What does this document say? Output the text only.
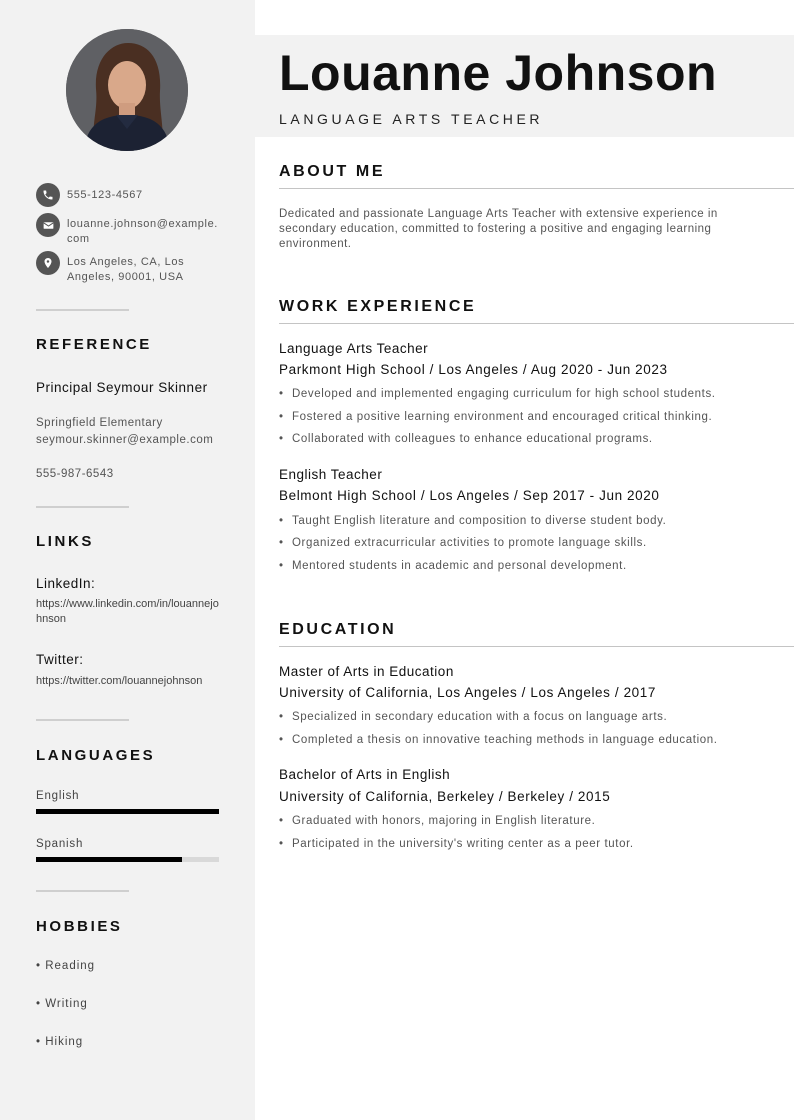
555-123-4567
louanne.johnson@example.com
Los Angeles, CA, Los Angeles, 90001, USA
REFERENCE
Principal Seymour Skinner
Springfield Elementary
seymour.skinner@example.com
555-987-6543
LINKS
LinkedIn:
https://www.linkedin.com/in/louannejohnson
Twitter:
https://twitter.com/louannejohnson
LANGUAGES
English
Spanish
HOBBIES
• Reading
• Writing
• Hiking
Louanne Johnson
LANGUAGE ARTS TEACHER
ABOUT ME
Dedicated and passionate Language Arts Teacher with extensive experience in secondary education, committed to fostering a positive and engaging learning environment.
WORK EXPERIENCE
Language Arts Teacher
Parkmont High School / Los Angeles / Aug 2020 - Jun 2023
• Developed and implemented engaging curriculum for high school students.
• Fostered a positive learning environment and encouraged critical thinking.
• Collaborated with colleagues to enhance educational programs.
English Teacher
Belmont High School / Los Angeles / Sep 2017 - Jun 2020
• Taught English literature and composition to diverse student body.
• Organized extracurricular activities to promote language skills.
• Mentored students in academic and personal development.
EDUCATION
Master of Arts in Education
University of California, Los Angeles / Los Angeles / 2017
• Specialized in secondary education with a focus on language arts.
• Completed a thesis on innovative teaching methods in language education.
Bachelor of Arts in English
University of California, Berkeley / Berkeley / 2015
• Graduated with honors, majoring in English literature.
• Participated in the university's writing center as a peer tutor.
